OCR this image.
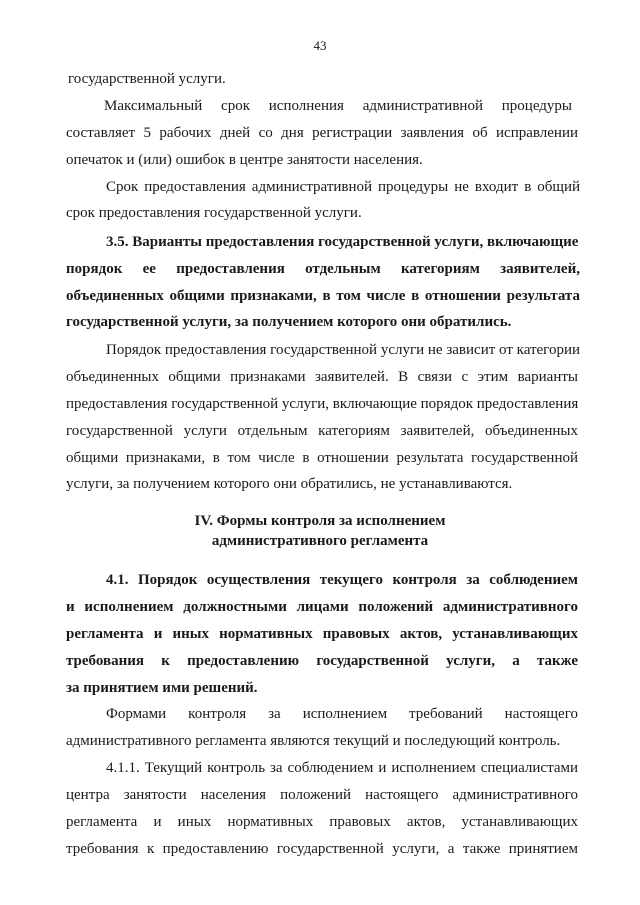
43
государственной услуги.
Максимальный срок исполнения административной процедуры
составляет 5 рабочих дней со дня регистрации заявления об исправлении
опечаток и (или) ошибок в центре занятости населения.
Срок предоставления административной процедуры не входит в общий
срок предоставления государственной услуги.
3.5. Варианты предоставления государственной услуги, включающие
порядок ее предоставления отдельным категориям заявителей,
объединенных общими признаками, в том числе в отношении результата
государственной услуги, за получением которого они обратились.
Порядок предоставления государственной услуги не зависит от категории
объединенных общими признаками заявителей. В связи с этим варианты
предоставления государственной услуги, включающие порядок предоставления
государственной услуги отдельным категориям заявителей, объединенных
общими признаками, в том числе в отношении результата государственной
услуги, за получением которого они обратились, не устанавливаются.
IV. Формы контроля за исполнением
административного регламента
4.1. Порядок осуществления текущего контроля за соблюдением
и исполнением должностными лицами положений административного
регламента и иных нормативных правовых актов, устанавливающих
требования к предоставлению государственной услуги, а также
за принятием ими решений.
Формами контроля за исполнением требований настоящего
административного регламента являются текущий и последующий контроль.
4.1.1. Текущий контроль за соблюдением и исполнением специалистами
центра занятости населения положений настоящего административного
регламента и иных нормативных правовых актов, устанавливающих
требования к предоставлению государственной услуги, а также принятием
